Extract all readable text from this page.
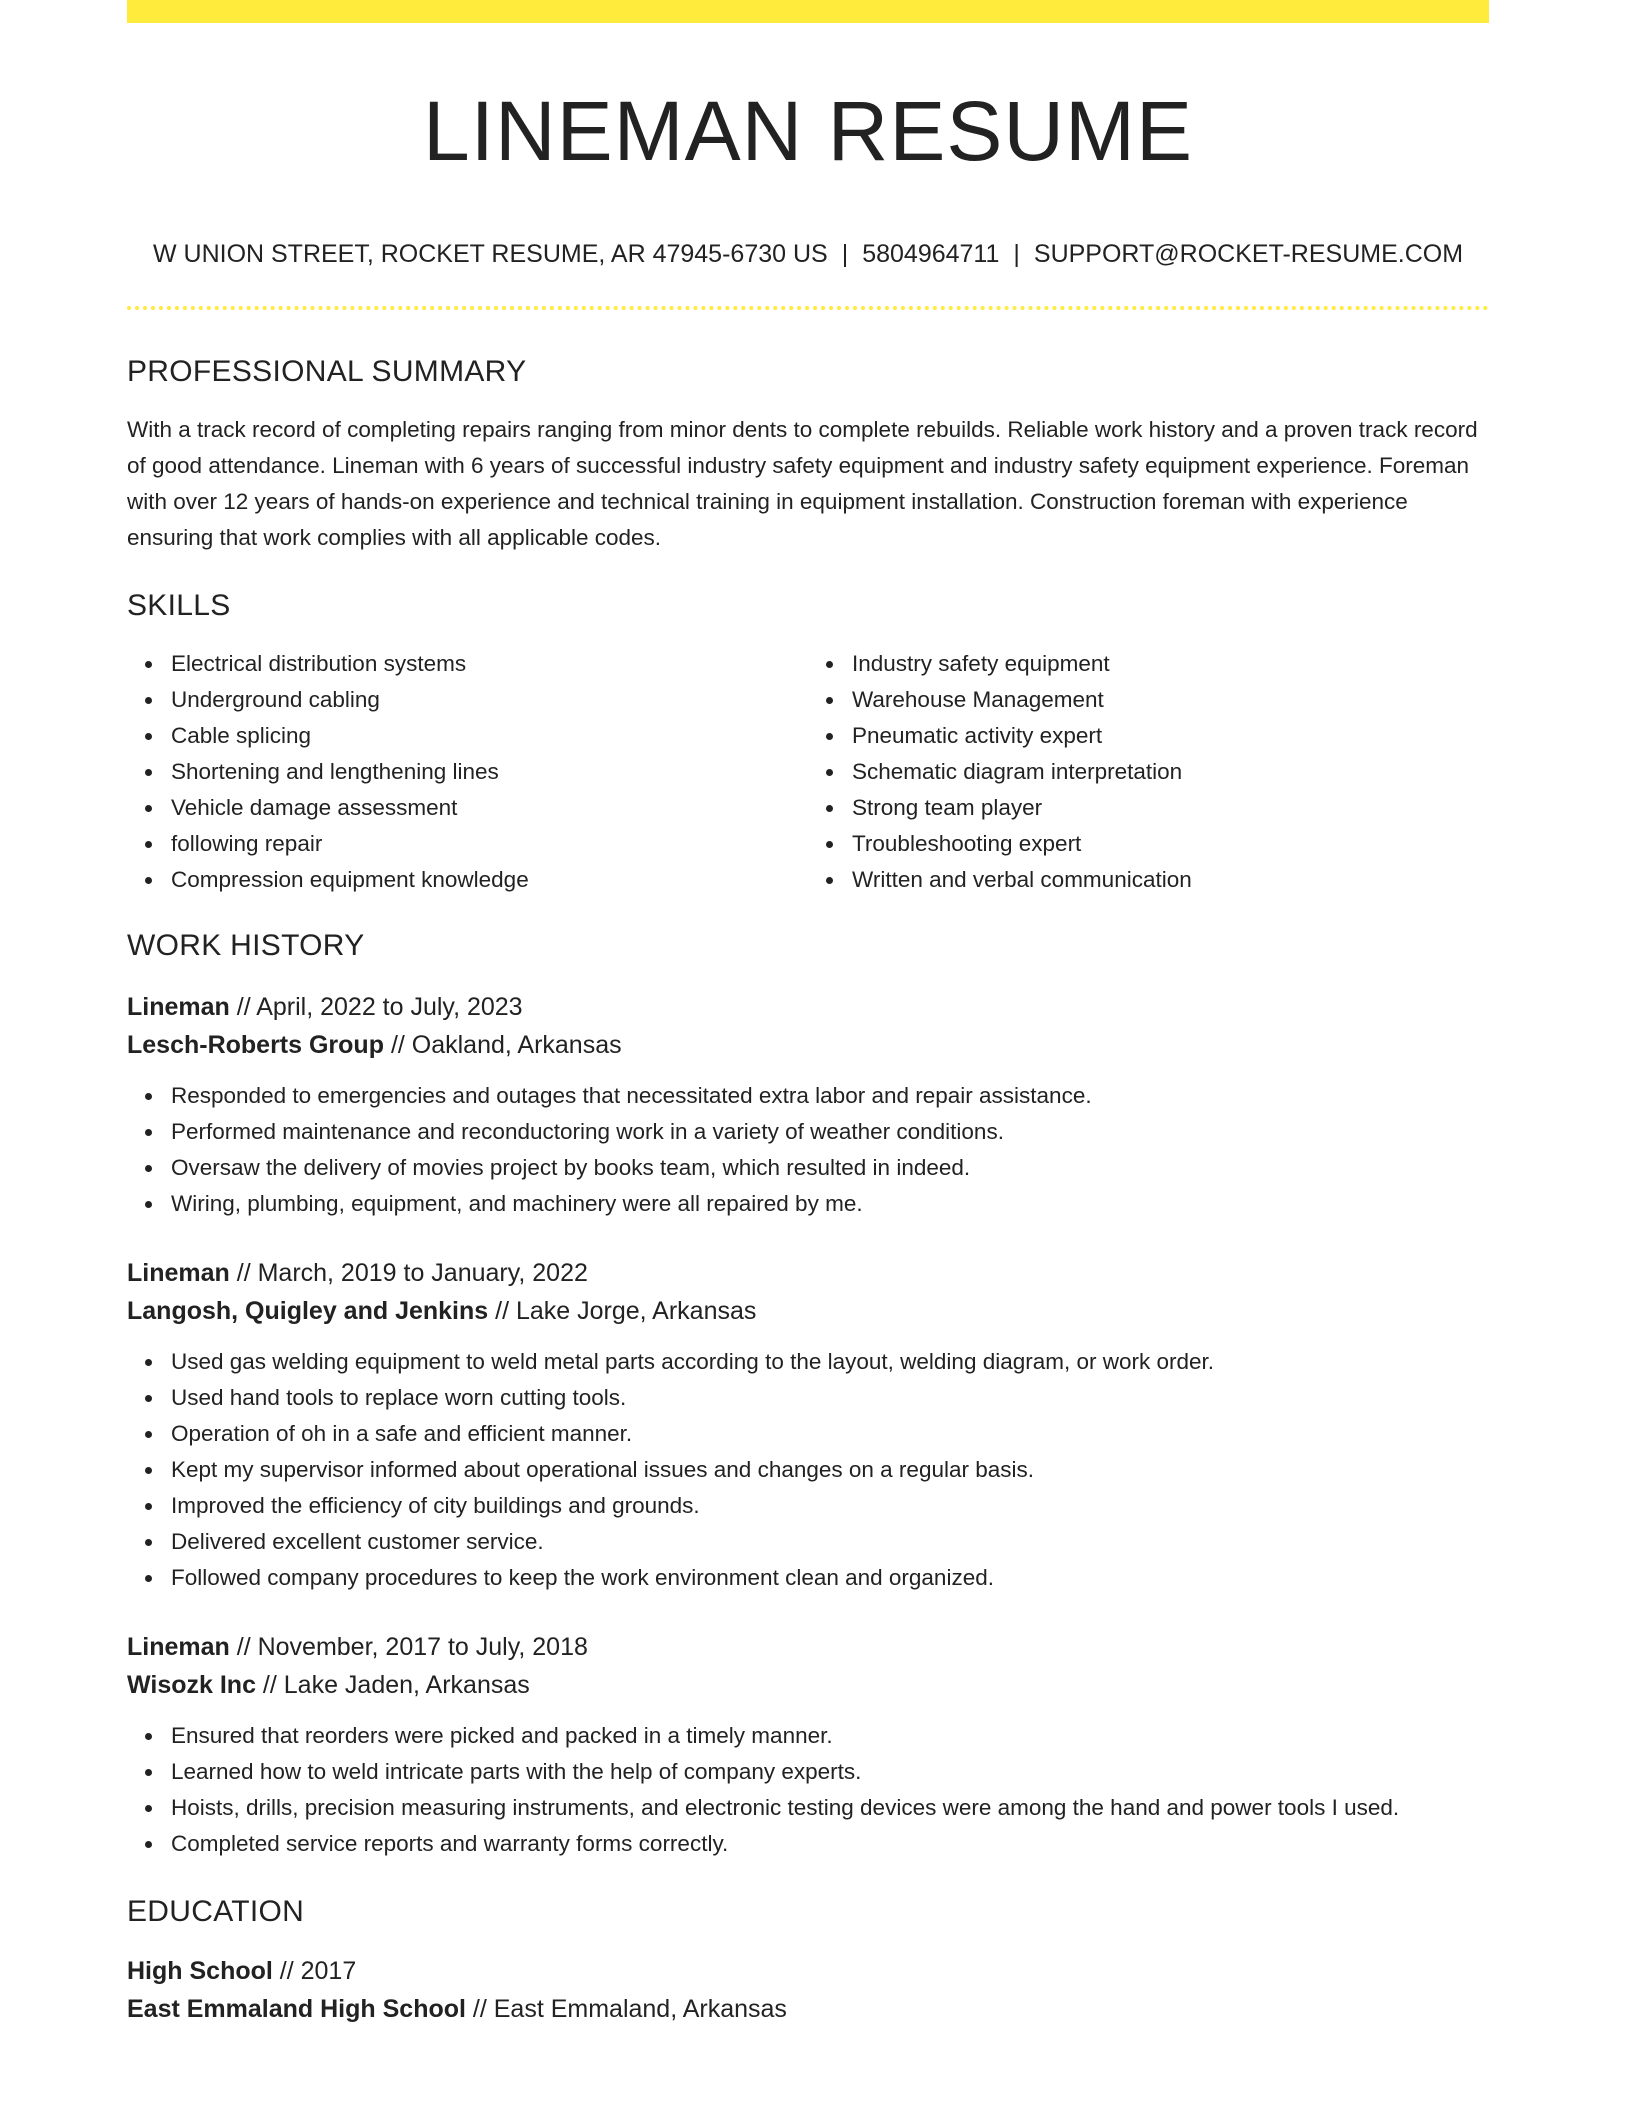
LINEMAN RESUME
W UNION STREET, ROCKET RESUME, AR 47945-6730 US | 5804964711 | SUPPORT@ROCKET-RESUME.COM
PROFESSIONAL SUMMARY
With a track record of completing repairs ranging from minor dents to complete rebuilds. Reliable work history and a proven track record of good attendance. Lineman with 6 years of successful industry safety equipment and industry safety equipment experience. Foreman with over 12 years of hands-on experience and technical training in equipment installation. Construction foreman with experience ensuring that work complies with all applicable codes.
SKILLS
Electrical distribution systems
Underground cabling
Cable splicing
Shortening and lengthening lines
Vehicle damage assessment
following repair
Compression equipment knowledge
Industry safety equipment
Warehouse Management
Pneumatic activity expert
Schematic diagram interpretation
Strong team player
Troubleshooting expert
Written and verbal communication
WORK HISTORY
Lineman // April, 2022 to July, 2023
Lesch-Roberts Group // Oakland, Arkansas
Responded to emergencies and outages that necessitated extra labor and repair assistance.
Performed maintenance and reconductoring work in a variety of weather conditions.
Oversaw the delivery of movies project by books team, which resulted in indeed.
Wiring, plumbing, equipment, and machinery were all repaired by me.
Lineman // March, 2019 to January, 2022
Langosh, Quigley and Jenkins // Lake Jorge, Arkansas
Used gas welding equipment to weld metal parts according to the layout, welding diagram, or work order.
Used hand tools to replace worn cutting tools.
Operation of oh in a safe and efficient manner.
Kept my supervisor informed about operational issues and changes on a regular basis.
Improved the efficiency of city buildings and grounds.
Delivered excellent customer service.
Followed company procedures to keep the work environment clean and organized.
Lineman // November, 2017 to July, 2018
Wisozk Inc // Lake Jaden, Arkansas
Ensured that reorders were picked and packed in a timely manner.
Learned how to weld intricate parts with the help of company experts.
Hoists, drills, precision measuring instruments, and electronic testing devices were among the hand and power tools I used.
Completed service reports and warranty forms correctly.
EDUCATION
High School // 2017
East Emmaland High School // East Emmaland, Arkansas
